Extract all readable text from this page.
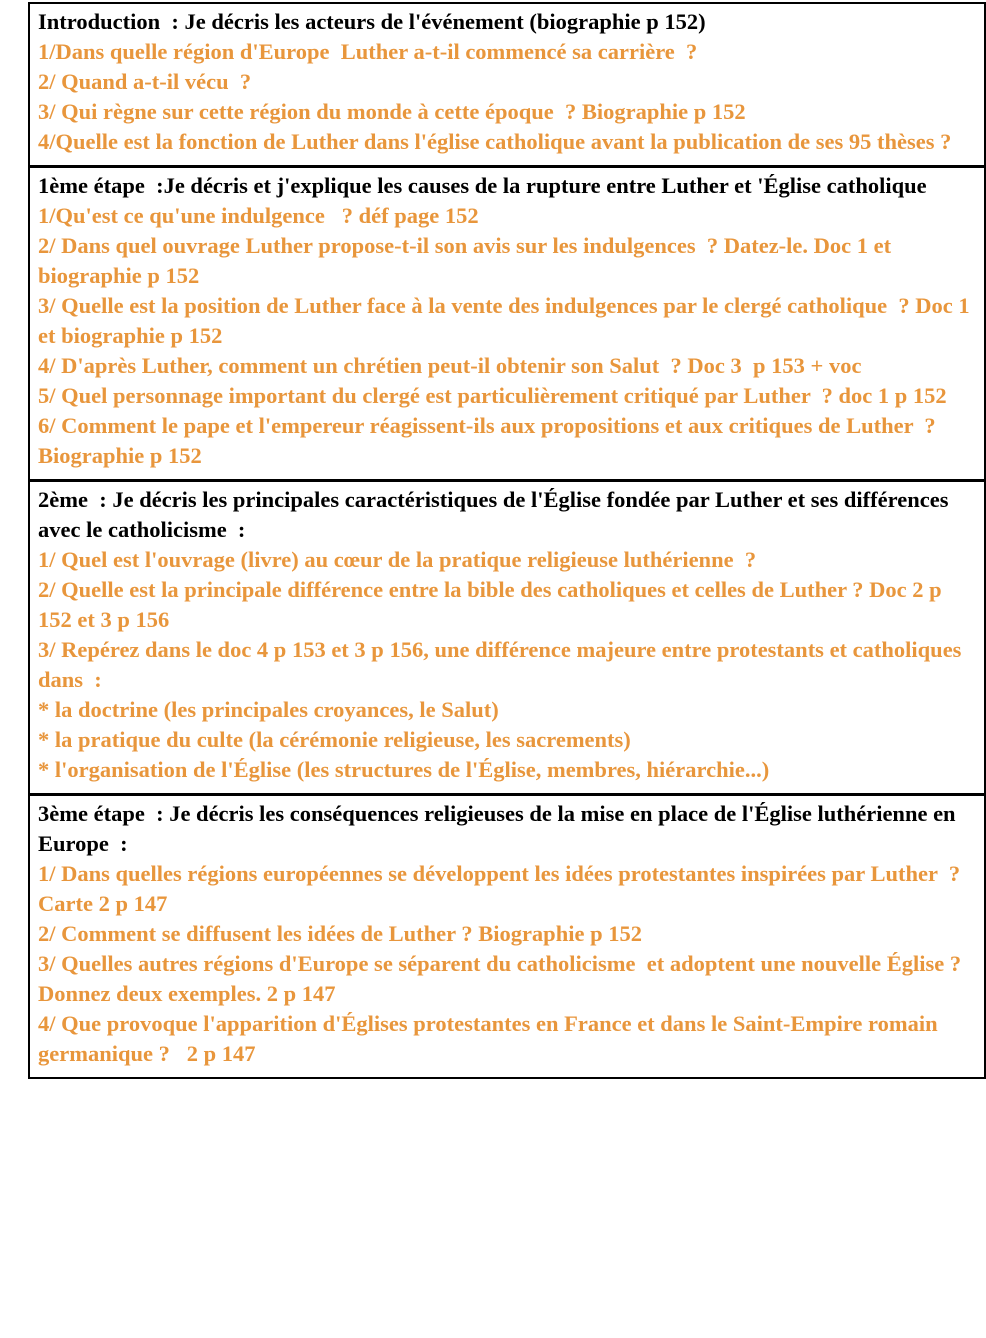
Introduction  : Je décris les acteurs de l'événement (biographie p 152)

1/Dans quelle région d'Europe  Luther a-t-il commencé sa carrière  ?

2/ Quand a-t-il vécu  ?

3/ Qui règne sur cette région du monde à cette époque  ? Biographie p 152

4/Quelle est la fonction de Luther dans l'église catholique avant la publication de ses 95 thèses ?

1ème étape  :Je décris et j'explique les causes de la rupture entre Luther et 'Église catholique

1/Qu'est ce qu'une indulgence   ? déf page 152

2/ Dans quel ouvrage Luther propose-t-il son avis sur les indulgences  ? Datez-le. Doc 1 et biographie p 152

3/ Quelle est la position de Luther face à la vente des indulgences par le clergé catholique  ? Doc 1 et biographie p 152

4/ D'après Luther, comment un chrétien peut-il obtenir son Salut  ? Doc 3  p 153 + voc

5/ Quel personnage important du clergé est particulièrement critiqué par Luther  ? doc 1 p 152

6/ Comment le pape et l'empereur réagissent-ils aux propositions et aux critiques de Luther  ? Biographie p 152

2ème  : Je décris les principales caractéristiques de l'Église fondée par Luther et ses différences avec le catholicisme  :

1/ Quel est l'ouvrage (livre) au cœur de la pratique religieuse luthérienne  ?

2/ Quelle est la principale différence entre la bible des catholiques et celles de Luther ? Doc 2 p 152 et 3 p 156

3/ Repérez dans le doc 4 p 153 et 3 p 156, une différence majeure entre protestants et catholiques dans  :

* la doctrine (les principales croyances, le Salut)

* la pratique du culte (la cérémonie religieuse, les sacrements)

* l'organisation de l'Église (les structures de l'Église, membres, hiérarchie...)

3ème étape  : Je décris les conséquences religieuses de la mise en place de l'Église luthérienne en Europe  :

1/ Dans quelles régions européennes se développent les idées protestantes inspirées par Luther  ? Carte 2 p 147

2/ Comment se diffusent les idées de Luther ? Biographie p 152

3/ Quelles autres régions d'Europe se séparent du catholicisme  et adoptent une nouvelle Église ? Donnez deux exemples. 2 p 147

4/ Que provoque l'apparition d'Églises protestantes en France et dans le Saint-Empire romain germanique ?   2 p 147
